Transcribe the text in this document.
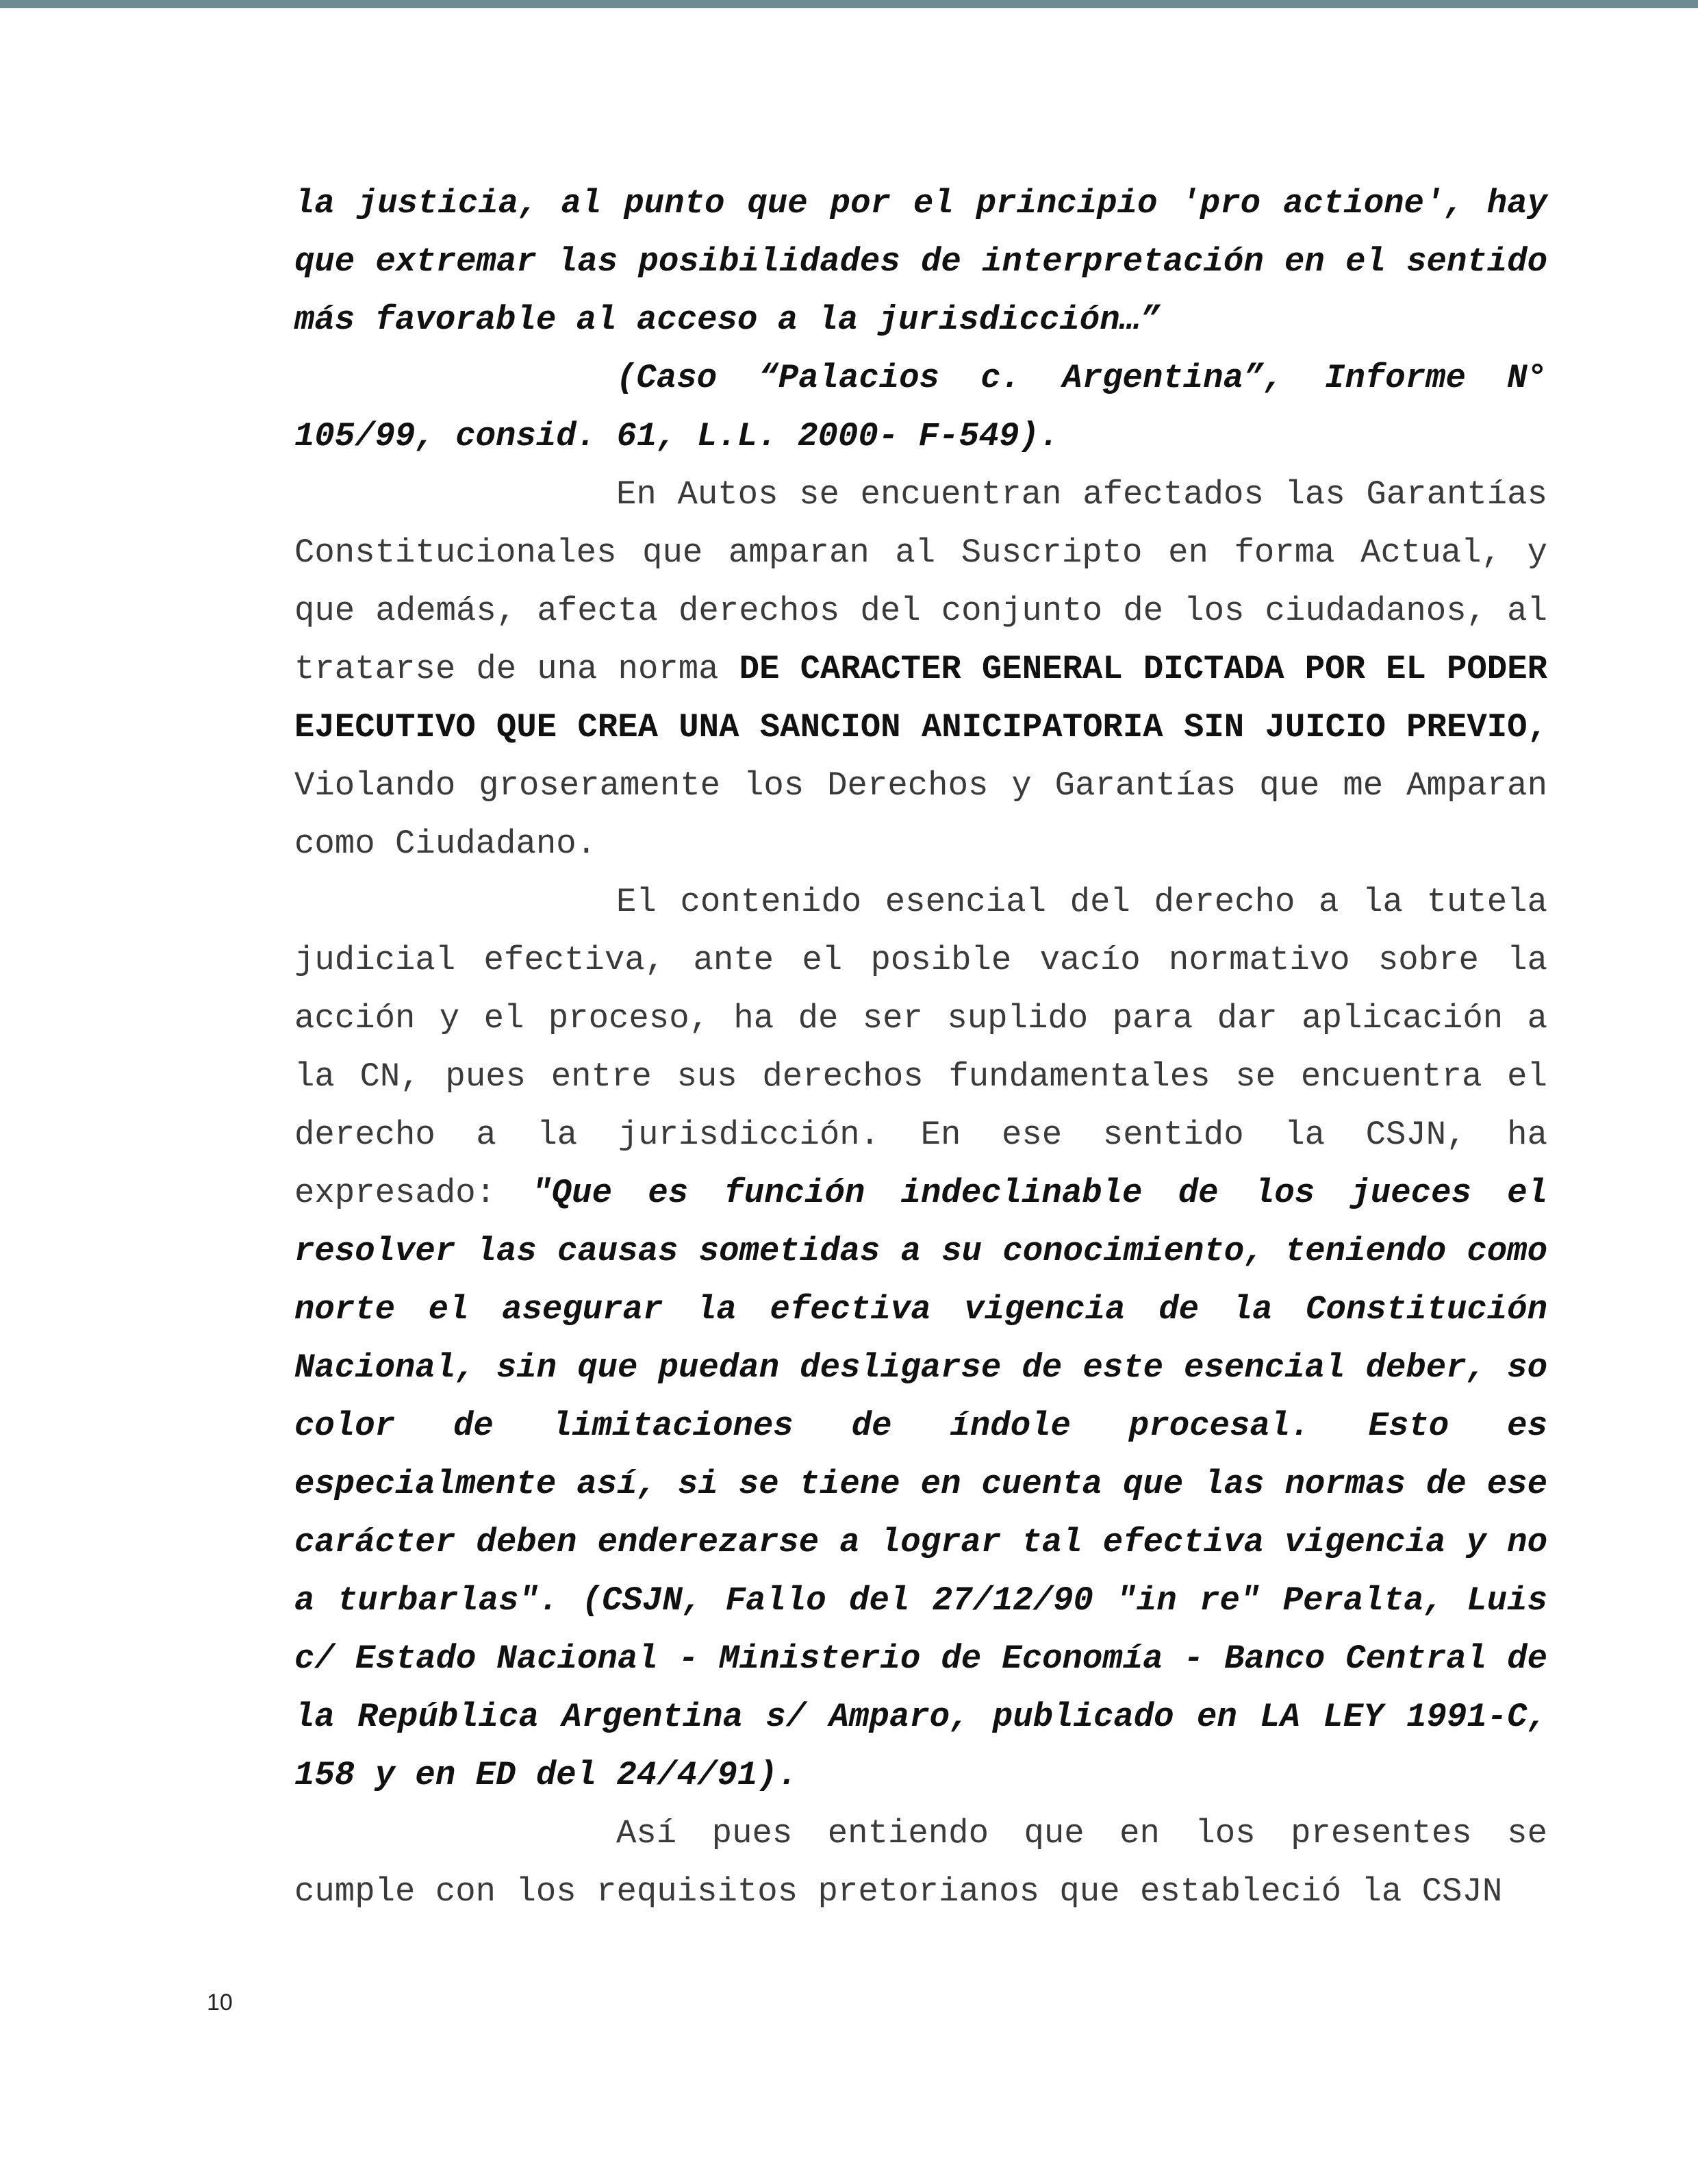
la justicia, al punto que por el principio 'pro actione', hay que extremar las posibilidades de interpretación en el sentido más favorable al acceso a la jurisdicción…”

(Caso “Palacios c. Argentina”, Informe N° 105/99, consid. 61, L.L. 2000- F-549).

En Autos se encuentran afectados las Garantías Constitucionales que amparan al Suscripto en forma Actual, y que además, afecta derechos del conjunto de los ciudadanos, al tratarse de una norma DE CARACTER GENERAL DICTADA POR EL PODER EJECUTIVO QUE CREA UNA SANCION ANICIPATORIA SIN JUICIO PREVIO, Violando groseramente los Derechos y Garantías que me Amparan como Ciudadano.

El contenido esencial del derecho a la tutela judicial efectiva, ante el posible vacío normativo sobre la acción y el proceso, ha de ser suplido para dar aplicación a la CN, pues entre sus derechos fundamentales se encuentra el derecho a la jurisdicción. En ese sentido la CSJN, ha expresado: "Que es función indeclinable de los jueces el resolver las causas sometidas a su conocimiento, teniendo como norte el asegurar la efectiva vigencia de la Constitución Nacional, sin que puedan desligarse de este esencial deber, so color de limitaciones de índole procesal. Esto es especialmente así, si se tiene en cuenta que las normas de ese carácter deben enderezarse a lograr tal efectiva vigencia y no a turbarlas". (CSJN, Fallo del 27/12/90 "in re" Peralta, Luis c/ Estado Nacional - Ministerio de Economía - Banco Central de la República Argentina s/ Amparo, publicado en LA LEY 1991-C, 158 y en ED del 24/4/91).

Así pues entiendo que en los presentes se cumple con los requisitos pretorianos que estableció la CSJN

10
